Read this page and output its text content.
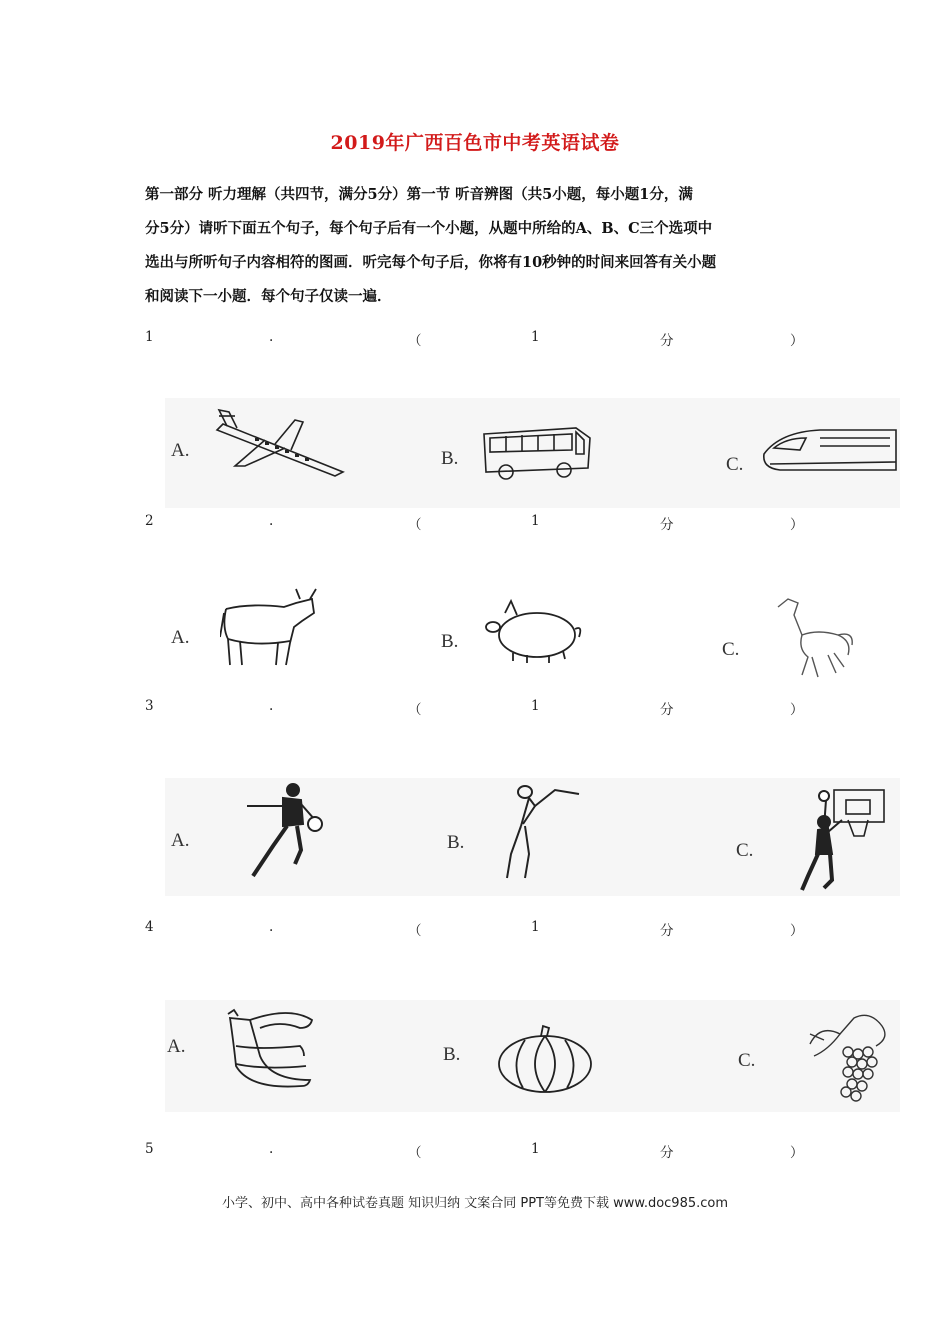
2019年广西百色市中考英语试卷
第一部分 听力理解（共四节，满分5分）第一节 听音辨图（共5小题，每小题1分，满
分5分）请听下面五个句子，每个句子后有一个小题，从题中所给的A、B、C三个选项中
选出与所听句子内容相符的图画．听完每个句子后，你将有10秒钟的时间来回答有关小题
和阅读下一小题．每个句子仅读一遍．
1	.	（	1	分	）
A.	B.	C.
2	.	（	1	分	）
A.	B.	C.
3	.	（	1	分	）
A.	B.	C.
4	.	（	1	分	）
A.	B.	C.
5	.	（	1	分	）
小学、初中、高中各种试卷真题 知识归纳 文案合同 PPT等免费下载 www.doc985.com
